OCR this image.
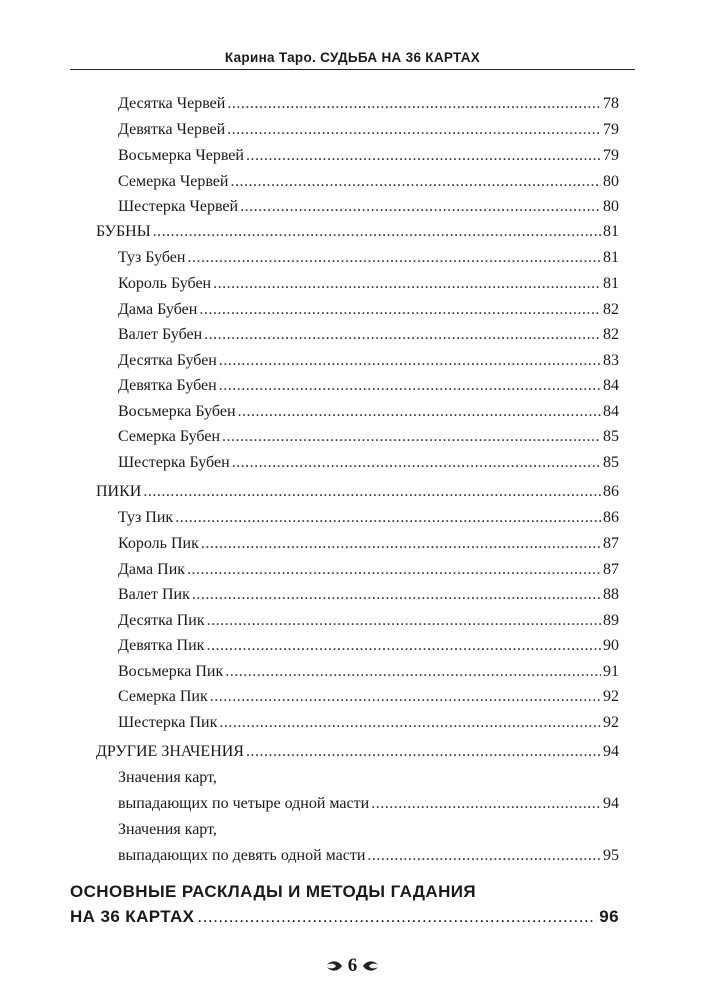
Карина Таро. СУДЬБА НА 36 КАРТАХ
Десятка Червей .....	78
Девятка Червей .....	79
Восьмерка Червей .....	79
Семерка Червей .....	80
Шестерка Червей .....	80
БУБНЫ .....	81
Туз Бубен .....	81
Король Бубен .....	81
Дама Бубен .....	82
Валет Бубен .....	82
Десятка Бубен .....	83
Девятка Бубен .....	84
Восьмерка Бубен .....	84
Семерка Бубен .....	85
Шестерка Бубен .....	85
ПИКИ .....	86
Туз Пик .....	86
Король Пик .....	87
Дама Пик .....	87
Валет Пик .....	88
Десятка Пик .....	89
Девятка Пик .....	90
Восьмерка Пик .....	91
Семерка Пик .....	92
Шестерка Пик .....	92
ДРУГИЕ ЗНАЧЕНИЯ .....	94
Значения карт,
выпадающих по четыре одной масти .....	94
Значения карт,
выпадающих по девять одной масти .....	95
ОСНОВНЫЕ РАСКЛАДЫ И МЕТОДЫ ГАДАНИЯ
НА 36 КАРТАХ .....	96
6
